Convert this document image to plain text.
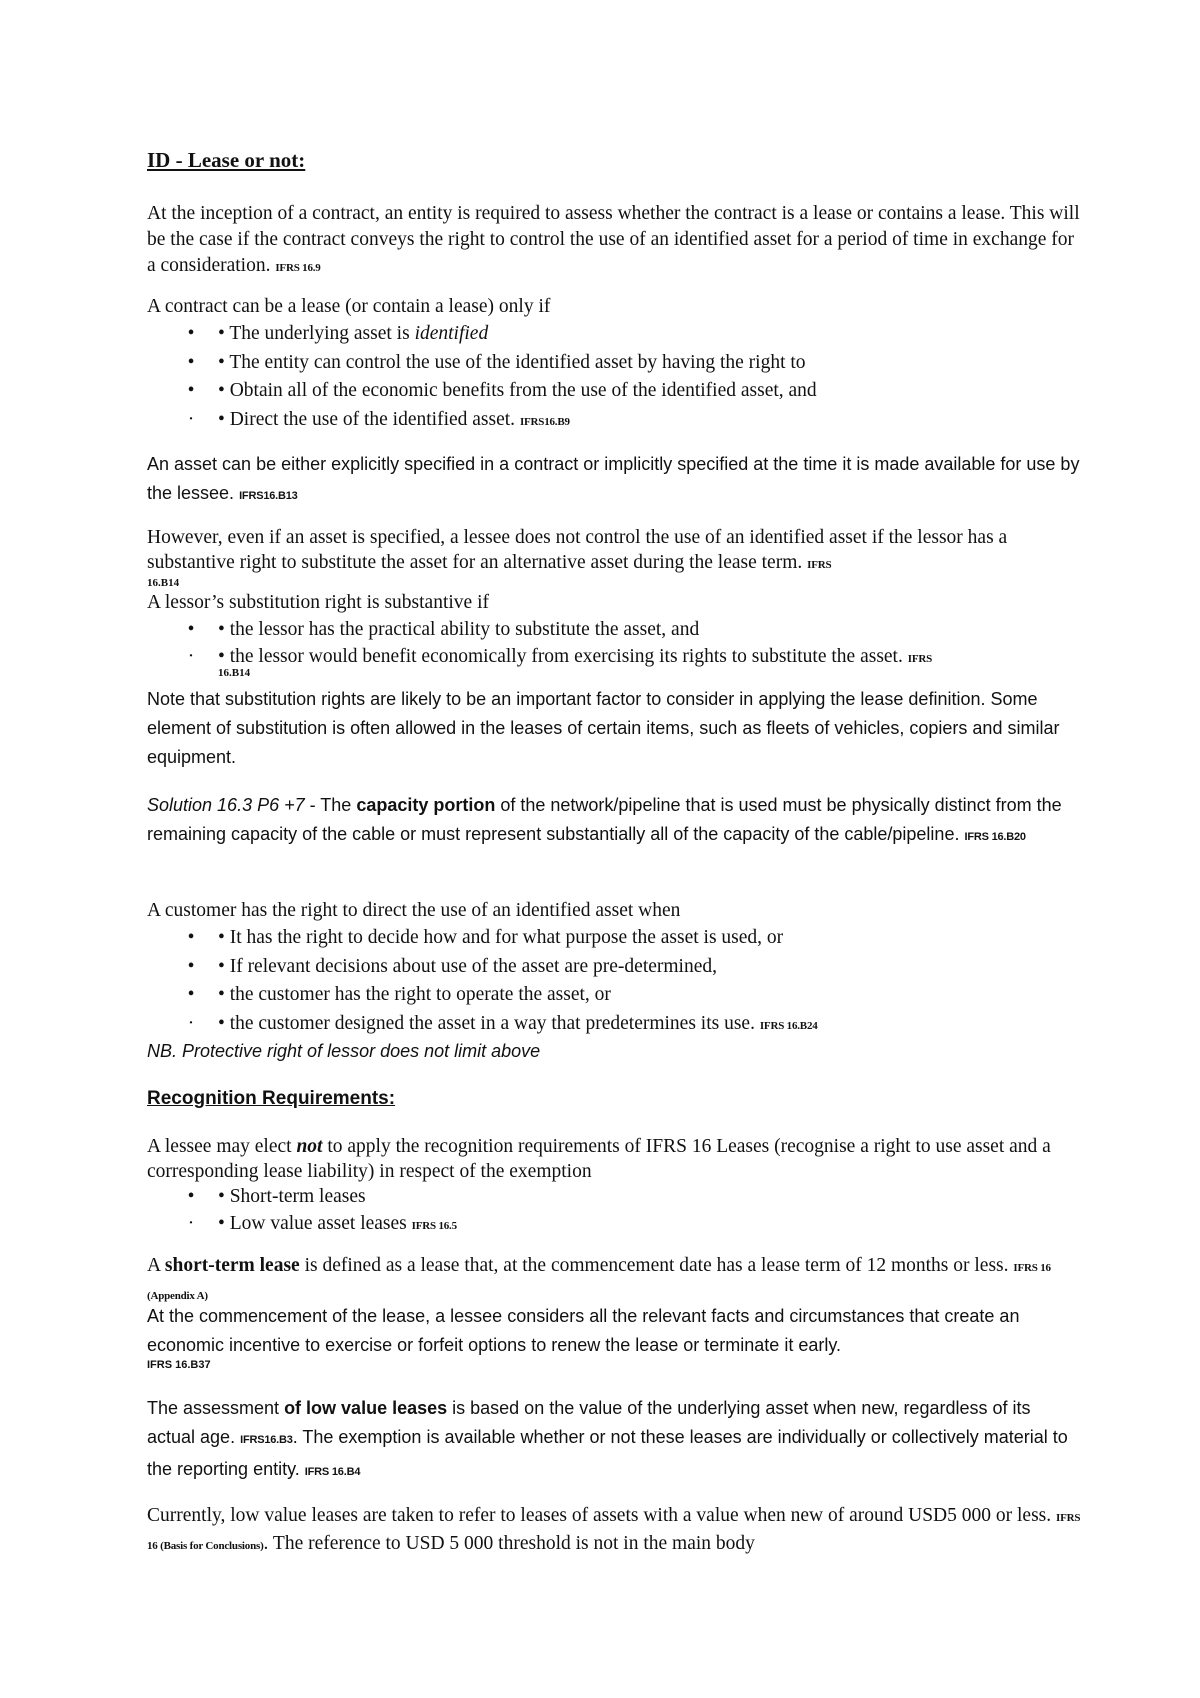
ID - Lease or not:

At the inception of a contract, an entity is required to assess whether the contract is a lease or contains a lease. This will be the case if the contract conveys the right to control the use of an identified asset for a period of time in exchange for a consideration. IFRS 16.9

A contract can be a lease (or contain a lease) only if

• • The underlying asset is identified
• • The entity can control the use of the identified asset by having the right to
• • Obtain all of the economic benefits from the use of the identified asset, and
· • Direct the use of the identified asset. IFRS16.B9

An asset can be either explicitly specified in a contract or implicitly specified at the time it is made available for use by the lessee. IFRS16.B13

However, even if an asset is specified, a lessee does not control the use of an identified asset if the lessor has a substantive right to substitute the asset for an alternative asset during the lease term. IFRS

16.B14

A lessor’s substitution right is substantive if

• • the lessor has the practical ability to substitute the asset, and
· • the lessor would benefit economically from exercising its rights to substitute the asset. IFRS
16.B14

Note that substitution rights are likely to be an important factor to consider in applying the lease definition. Some element of substitution is often allowed in the leases of certain items, such as fleets of vehicles, copiers and similar equipment.

Solution 16.3 P6 +7 - The capacity portion of the network/pipeline that is used must be physically distinct from the remaining capacity of the cable or must represent substantially all of the capacity of the cable/pipeline. IFRS 16.B20

A customer has the right to direct the use of an identified asset when

• • It has the right to decide how and for what purpose the asset is used, or
• • If relevant decisions about use of the asset are pre-determined,
• • the customer has the right to operate the asset, or
· • the customer designed the asset in a way that predetermines its use. IFRS 16.B24

NB. Protective right of lessor does not limit above

Recognition Requirements:

A lessee may elect not to apply the recognition requirements of IFRS 16 Leases (recognise a right to use asset and a corresponding lease liability) in respect of the exemption

• • Short-term leases
· • Low value asset leases IFRS 16.5

A short-term lease is defined as a lease that, at the commencement date has a lease term of 12 months or less. IFRS 16 (Appendix A)

At the commencement of the lease, a lessee considers all the relevant facts and circumstances that create an economic incentive to exercise or forfeit options to renew the lease or terminate it early.

IFRS 16.B37

The assessment of low value leases is based on the value of the underlying asset when new, regardless of its actual age. IFRS16.B3. The exemption is available whether or not these leases are individually or collectively material to the reporting entity. IFRS 16.B4

Currently, low value leases are taken to refer to leases of assets with a value when new of around USD5 000 or less. IFRS 16 (Basis for Conclusions). The reference to USD 5 000 threshold is not in the main body
